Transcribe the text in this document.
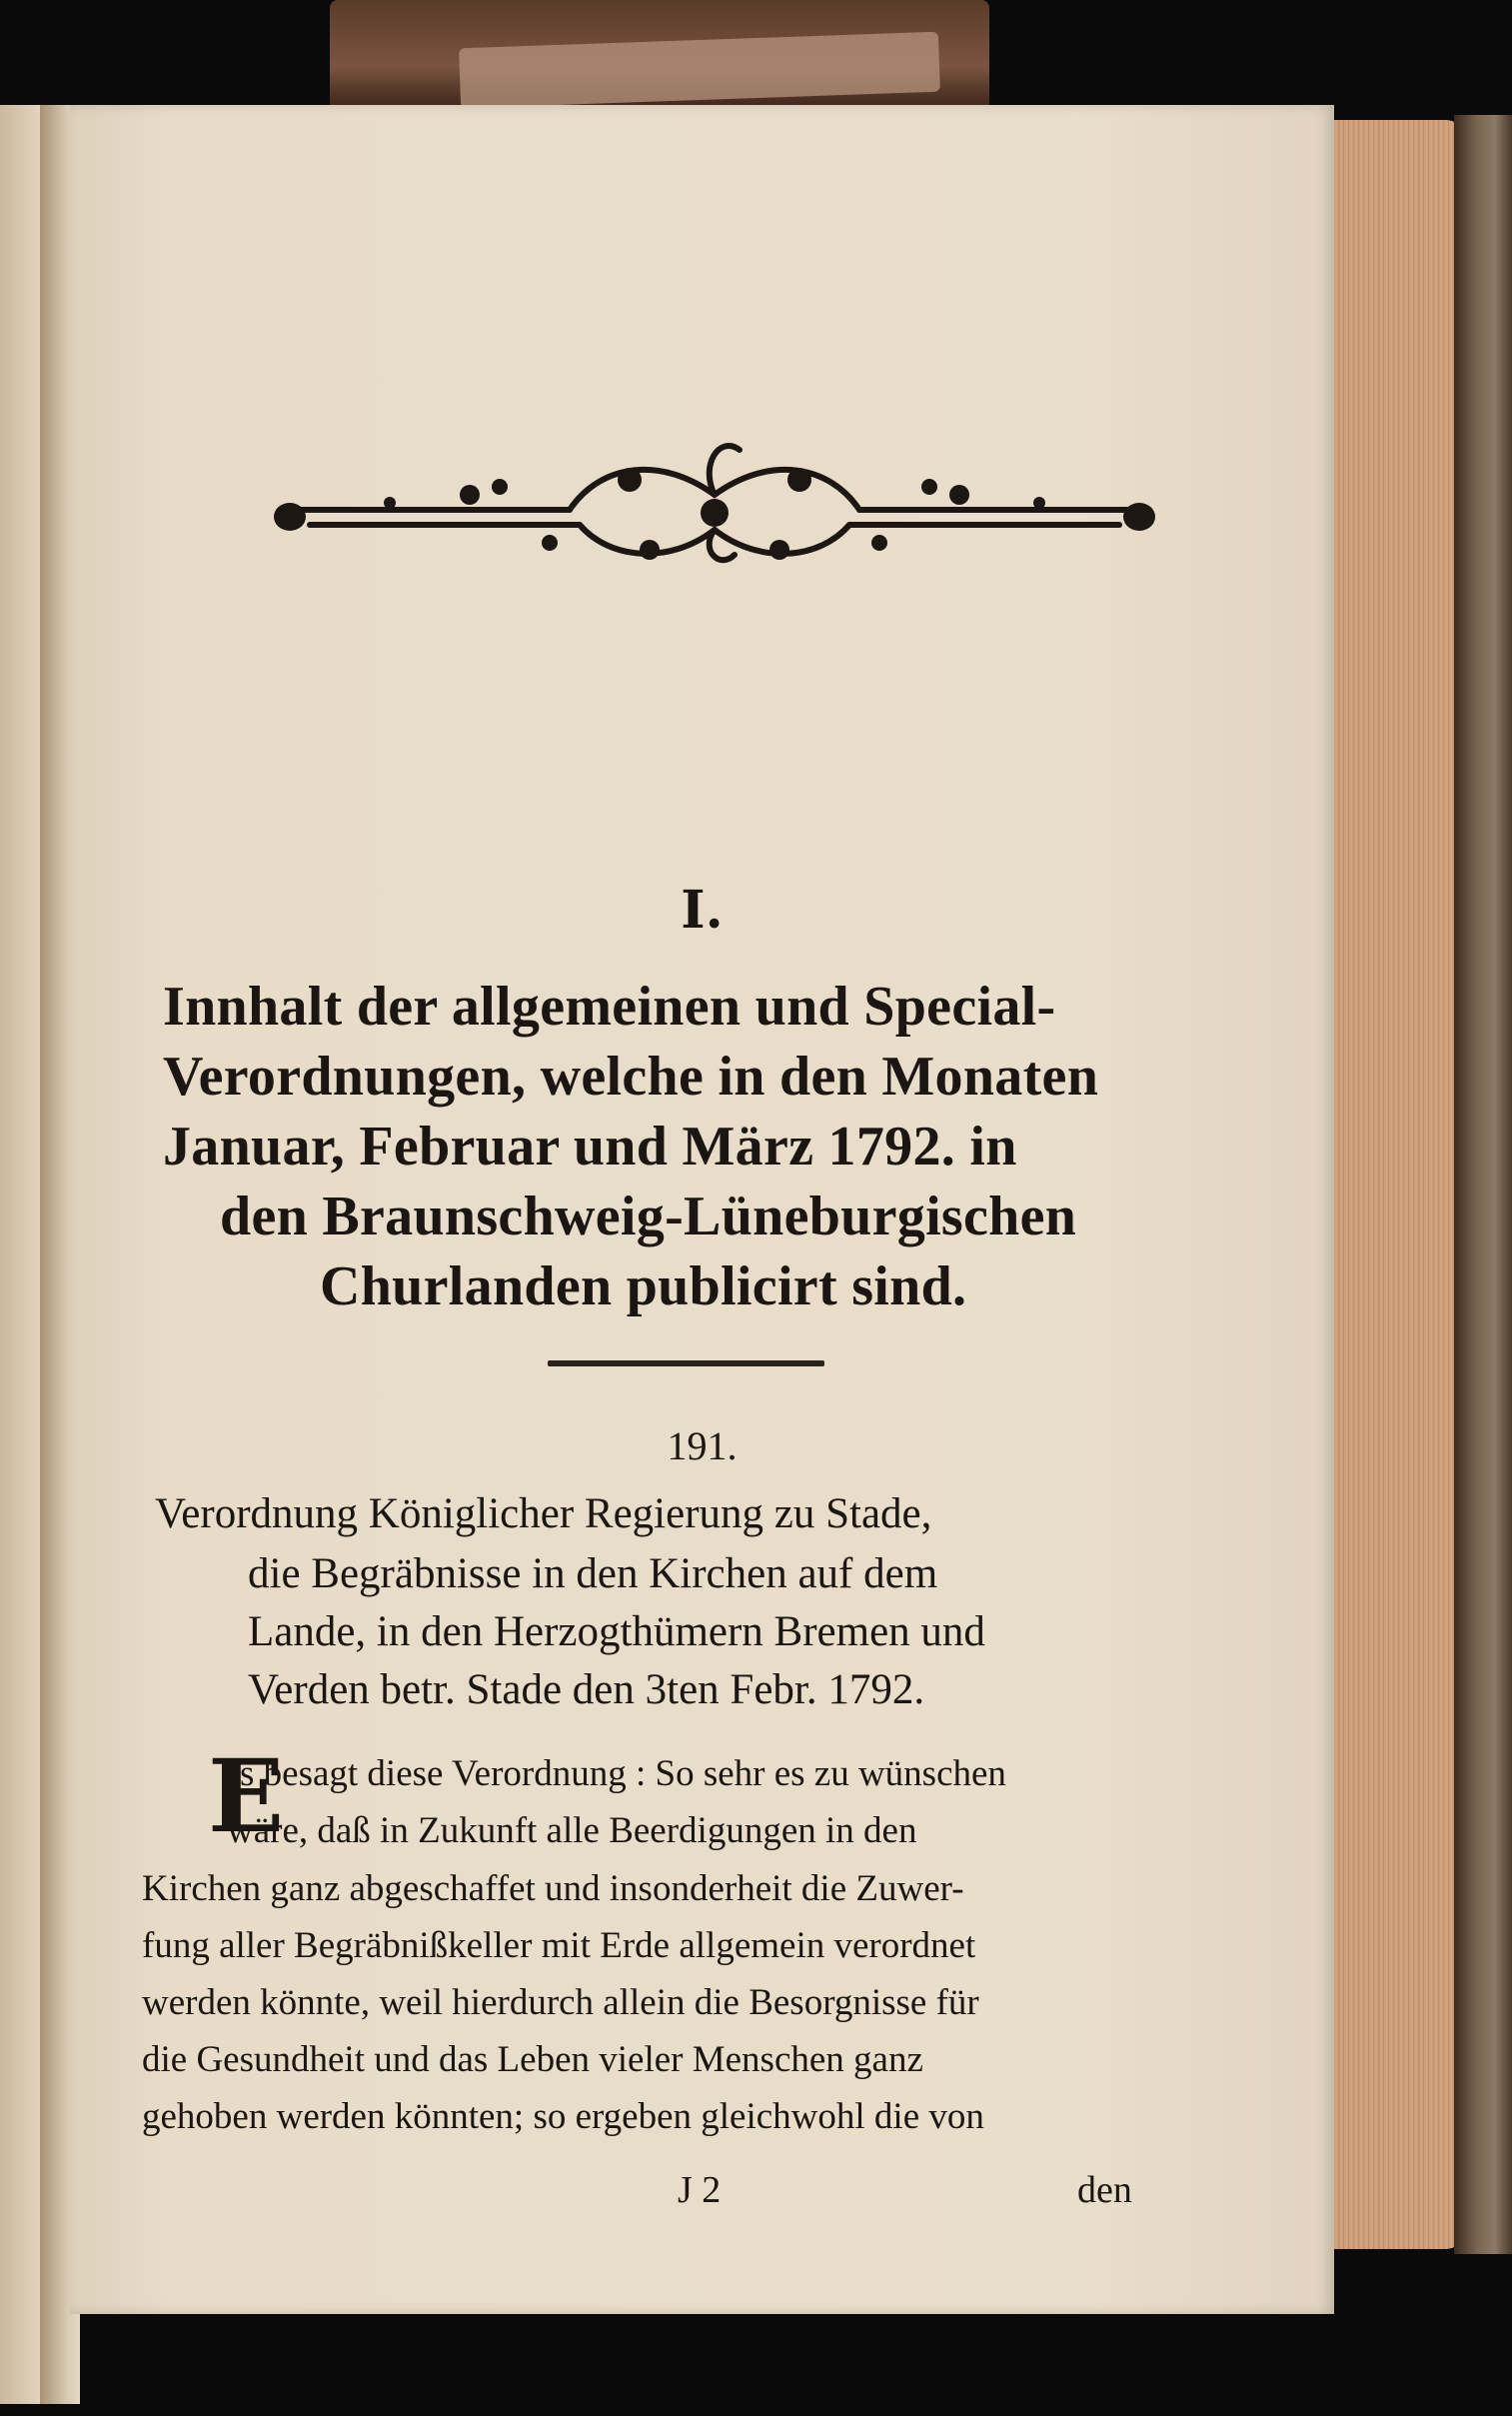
I.
Innhalt der allgemeinen und Special-
Verordnungen, welche in den Monaten
Januar, Februar und März 1792. in
den Braunschweig-Lüneburgischen
Churlanden publicirt sind.
191.
Verordnung Königlicher Regierung zu Stade,
die Begräbnisse in den Kirchen auf dem
Lande, in den Herzogthümern Bremen und
Verden betr. Stade den 3ten Febr. 1792.
E
s besagt diese Verordnung : So sehr es zu wünschen
wäre, daß in Zukunft alle Beerdigungen in den
Kirchen ganz abgeschaffet und insonderheit die Zuwer-
fung aller Begräbnißkeller mit Erde allgemein verordnet
werden könnte, weil hierdurch allein die Besorgnisse für
die Gesundheit und das Leben vieler Menschen ganz
gehoben werden könnten; so ergeben gleichwohl die von
J 2	den
